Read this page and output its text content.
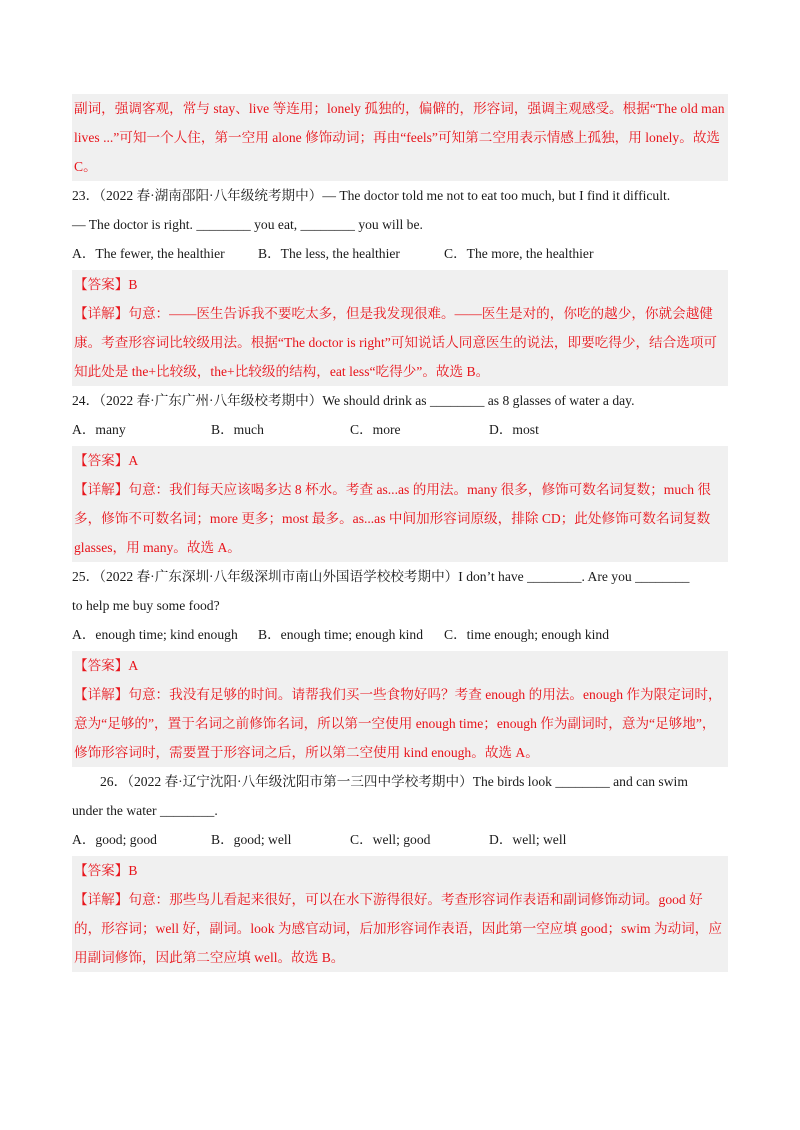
副词，强调客观，常与 stay、live 等连用；lonely 孤独的，偏僻的，形容词，强调主观感受。根据“The old man lives ...”可知一个人住，第一空用 alone 修饰动词；再由“feels”可知第二空用表示情感上孤独，用 lonely。故选 C。
23．（2022 春·湖南邵阳·八年级统考期中）— The doctor told me not to eat too much, but I find it difficult.
— The doctor is right. ________ you eat, ________ you will be.
A．The fewer, the healthier	B．The less, the healthier	C．The more, the healthier
【答案】B
【详解】句意：——医生告诉我不要吃太多，但是我发现很难。——医生是对的，你吃的越少，你就会越健康。考查形容词比较级用法。根据“The doctor is right”可知说话人同意医生的说法，即要吃得少，结合选项可知此处是 the+比较级，the+比较级的结构，eat less“吃得少”。故选 B。
24．（2022 春·广东广州·八年级校考期中）We should drink as ________ as 8 glasses of water a day.
A．many	B．much	C．more	D．most
【答案】A
【详解】句意：我们每天应该喝多达 8 杯水。考查 as...as 的用法。many 很多，修饰可数名词复数；much 很多，修饰不可数名词；more 更多；most 最多。as...as 中间加形容词原级，排除 CD；此处修饰可数名词复数 glasses，用 many。故选 A。
25．（2022 春·广东深圳·八年级深圳市南山外国语学校校考期中）I don’t have ________. Are you ________
to help me buy some food?
A．enough time; kind enough	B．enough time; enough kind	C．time enough; enough kind
【答案】A
【详解】句意：我没有足够的时间。请帮我们买一些食物好吗？考查 enough 的用法。enough 作为限定词时，意为“足够的”，置于名词之前修饰名词，所以第一空使用 enough time；enough 作为副词时，意为“足够地”，修饰形容词时，需要置于形容词之后，所以第二空使用 kind enough。故选 A。
26．（2022 春·辽宁沈阳·八年级沈阳市第一三四中学校考期中）The birds look ________ and can swim
under the water ________.
A．good; good	B．good; well	C．well; good	D．well; well
【答案】B
【详解】句意：那些鸟儿看起来很好，可以在水下游得很好。考查形容词作表语和副词修饰动词。good 好的，形容词；well 好，副词。look 为感官动词，后加形容词作表语，因此第一空应填 good；swim 为动词，应用副词修饰，因此第二空应填 well。故选 B。
